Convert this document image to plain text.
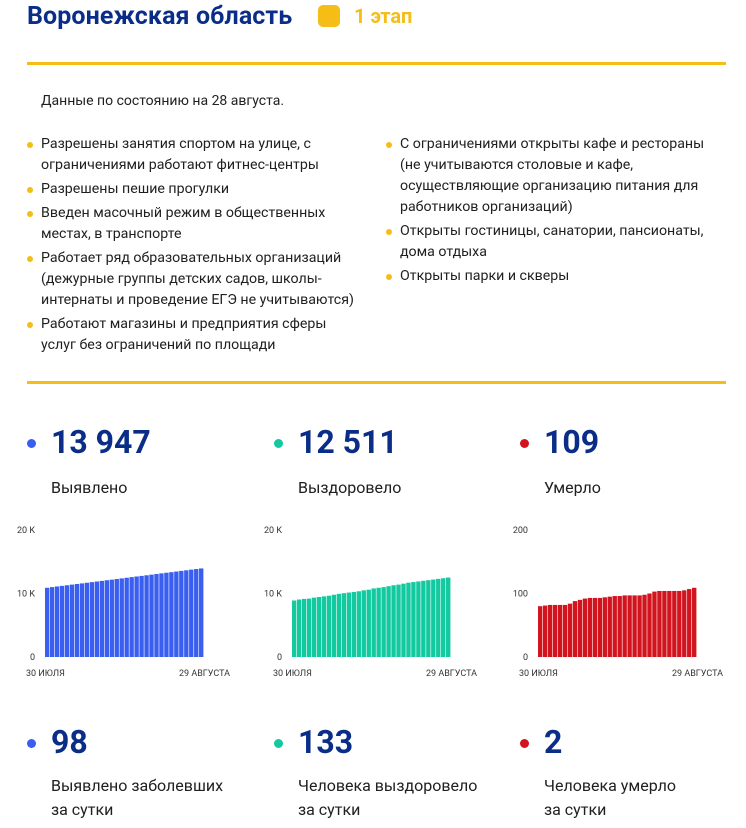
Воронежская область	1 этап
Данные по состоянию на 28 августа.
Разрешены занятия спортом на улице, с ограничениями работают фитнес-центры
Разрешены пешие прогулки
Введен масочный режим в общественных местах, в транспорте
Работает ряд образовательных организаций (дежурные группы детских садов, школы-интернаты и проведение ЕГЭ не учитываются)
Работают магазины и предприятия сферы услуг без ограничений по площади
С ограничениями открыты кафе и рестораны (не учитываются столовые и кафе, осуществляющие организацию питания для работников организаций)
Открыты гостиницы, санатории, пансионаты, дома отдыха
Открыты парки и скверы
13 947
Выявлено
12 511
Выздоровело
109
Умерло
0
10 K
20 K
30 ИЮЛЯ	29 АВГУСТА
0
10 K
20 K
30 ИЮЛЯ	29 АВГУСТА
0
100
200
30 ИЮЛЯ	29 АВГУСТА
98
Выявлено заболевших
за сутки
133
Человека выздоровело
за сутки
2
Человека умерло
за сутки
